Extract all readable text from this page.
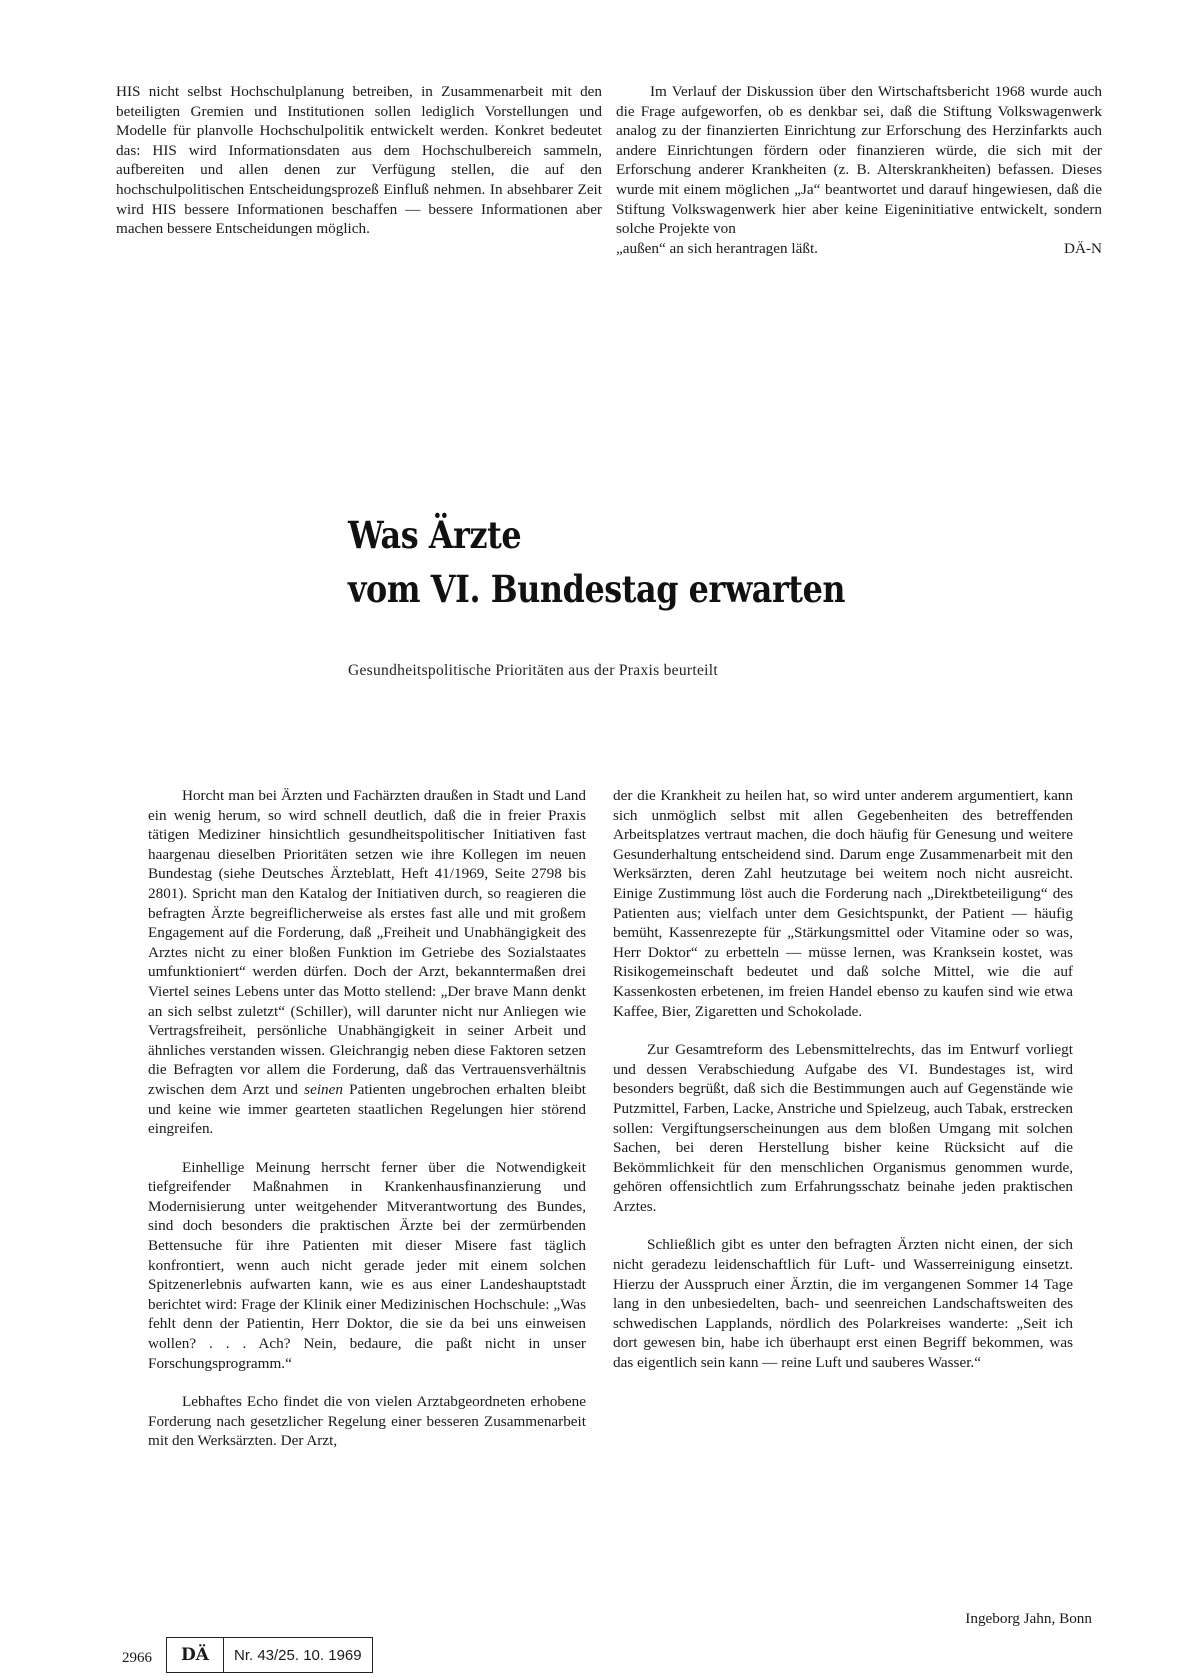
HIS nicht selbst Hochschulplanung betreiben, in Zusammenarbeit mit den beteiligten Gremien und Institutionen sollen lediglich Vorstellungen und Modelle für planvolle Hochschulpolitik entwickelt werden. Konkret bedeutet das: HIS wird Informationsdaten aus dem Hochschulbereich sammeln, aufbereiten und allen denen zur Verfügung stellen, die auf den hochschulpolitischen Entscheidungsprozeß Einfluß nehmen. In absehbarer Zeit wird HIS bessere Informationen beschaffen — bessere Informationen aber machen bessere Entscheidungen möglich.

Im Verlauf der Diskussion über den Wirtschaftsbericht 1968 wurde auch die Frage aufgeworfen, ob es denkbar sei, daß die Stiftung Volkswagenwerk analog zu der finanzierten Einrichtung zur Erforschung des Herzinfarkts auch andere Einrichtungen fördern oder finanzieren würde, die sich mit der Erforschung anderer Krankheiten (z. B. Alterskrankheiten) befassen. Dieses wurde mit einem möglichen „Ja“ beantwortet und darauf hingewiesen, daß die Stiftung Volkswagenwerk hier aber keine Eigeninitiative entwickelt, sondern solche Projekte von

„außen“ an sich herantragen läßt.	DÄ-N
Was Ärzte
vom VI. Bundestag erwarten

Gesundheitspolitische Prioritäten aus der Praxis beurteilt

Horcht man bei Ärzten und Fachärzten draußen in Stadt und Land ein wenig herum, so wird schnell deutlich, daß die in freier Praxis tätigen Mediziner hinsichtlich gesundheitspolitischer Initiativen fast haargenau dieselben Prioritäten setzen wie ihre Kollegen im neuen Bundestag (siehe Deutsches Ärzteblatt, Heft 41/1969, Seite 2798 bis 2801). Spricht man den Katalog der Initiativen durch, so reagieren die befragten Ärzte begreiflicherweise als erstes fast alle und mit großem Engagement auf die Forderung, daß „Freiheit und Unabhängigkeit des Arztes nicht zu einer bloßen Funktion im Getriebe des Sozialstaates umfunktioniert“ werden dürfen. Doch der Arzt, bekanntermaßen drei Viertel seines Lebens unter das Motto stellend: „Der brave Mann denkt an sich selbst zuletzt“ (Schiller), will darunter nicht nur Anliegen wie Vertragsfreiheit, persönliche Unabhängigkeit in seiner Arbeit und ähnliches verstanden wissen. Gleichrangig neben diese Faktoren setzen die Befragten vor allem die Forderung, daß das Vertrauensverhältnis zwischen dem Arzt und seinen Patienten ungebrochen erhalten bleibt und keine wie immer gearteten staatlichen Regelungen hier störend eingreifen.

Einhellige Meinung herrscht ferner über die Notwendigkeit tiefgreifender Maßnahmen in Krankenhausfinanzierung und Modernisierung unter weitgehender Mitverantwortung des Bundes, sind doch besonders die praktischen Ärzte bei der zermürbenden Bettensuche für ihre Patienten mit dieser Misere fast täglich konfrontiert, wenn auch nicht gerade jeder mit einem solchen Spitzenerlebnis aufwarten kann, wie es aus einer Landeshauptstadt berichtet wird: Frage der Klinik einer Medizinischen Hochschule: „Was fehlt denn der Patientin, Herr Doktor, die sie da bei uns einweisen wollen? . . . Ach? Nein, bedaure, die paßt nicht in unser Forschungsprogramm.“

Lebhaftes Echo findet die von vielen Arztabgeordneten erhobene Forderung nach gesetzlicher Regelung einer besseren Zusammenarbeit mit den Werksärzten. Der Arzt,

der die Krankheit zu heilen hat, so wird unter anderem argumentiert, kann sich unmöglich selbst mit allen Gegebenheiten des betreffenden Arbeitsplatzes vertraut machen, die doch häufig für Genesung und weitere Gesunderhaltung entscheidend sind. Darum enge Zusammenarbeit mit den Werksärzten, deren Zahl heutzutage bei weitem noch nicht ausreicht. Einige Zustimmung löst auch die Forderung nach „Direktbeteiligung“ des Patienten aus; vielfach unter dem Gesichtspunkt, der Patient — häufig bemüht, Kassenrezepte für „Stärkungsmittel oder Vitamine oder so was, Herr Doktor“ zu erbetteln — müsse lernen, was Kranksein kostet, was Risikogemeinschaft bedeutet und daß solche Mittel, wie die auf Kassenkosten erbetenen, im freien Handel ebenso zu kaufen sind wie etwa Kaffee, Bier, Zigaretten und Schokolade.

Zur Gesamtreform des Lebensmittelrechts, das im Entwurf vorliegt und dessen Verabschiedung Aufgabe des VI. Bundestages ist, wird besonders begrüßt, daß sich die Bestimmungen auch auf Gegenstände wie Putzmittel, Farben, Lacke, Anstriche und Spielzeug, auch Tabak, erstrecken sollen: Vergiftungserscheinungen aus dem bloßen Umgang mit solchen Sachen, bei deren Herstellung bisher keine Rücksicht auf die Bekömmlichkeit für den menschlichen Organismus genommen wurde, gehören offensichtlich zum Erfahrungsschatz beinahe jeden praktischen Arztes.

Schließlich gibt es unter den befragten Ärzten nicht einen, der sich nicht geradezu leidenschaftlich für Luft- und Wasserreinigung einsetzt. Hierzu der Ausspruch einer Ärztin, die im vergangenen Sommer 14 Tage lang in den unbesiedelten, bach- und seenreichen Landschaftsweiten des schwedischen Lapplands, nördlich des Polarkreises wanderte: „Seit ich dort gewesen bin, habe ich überhaupt erst einen Begriff bekommen, was das eigentlich sein kann — reine Luft und sauberes Wasser.“

Ingeborg Jahn, Bonn
2966	DÄ	Nr. 43/25. 10. 1969
